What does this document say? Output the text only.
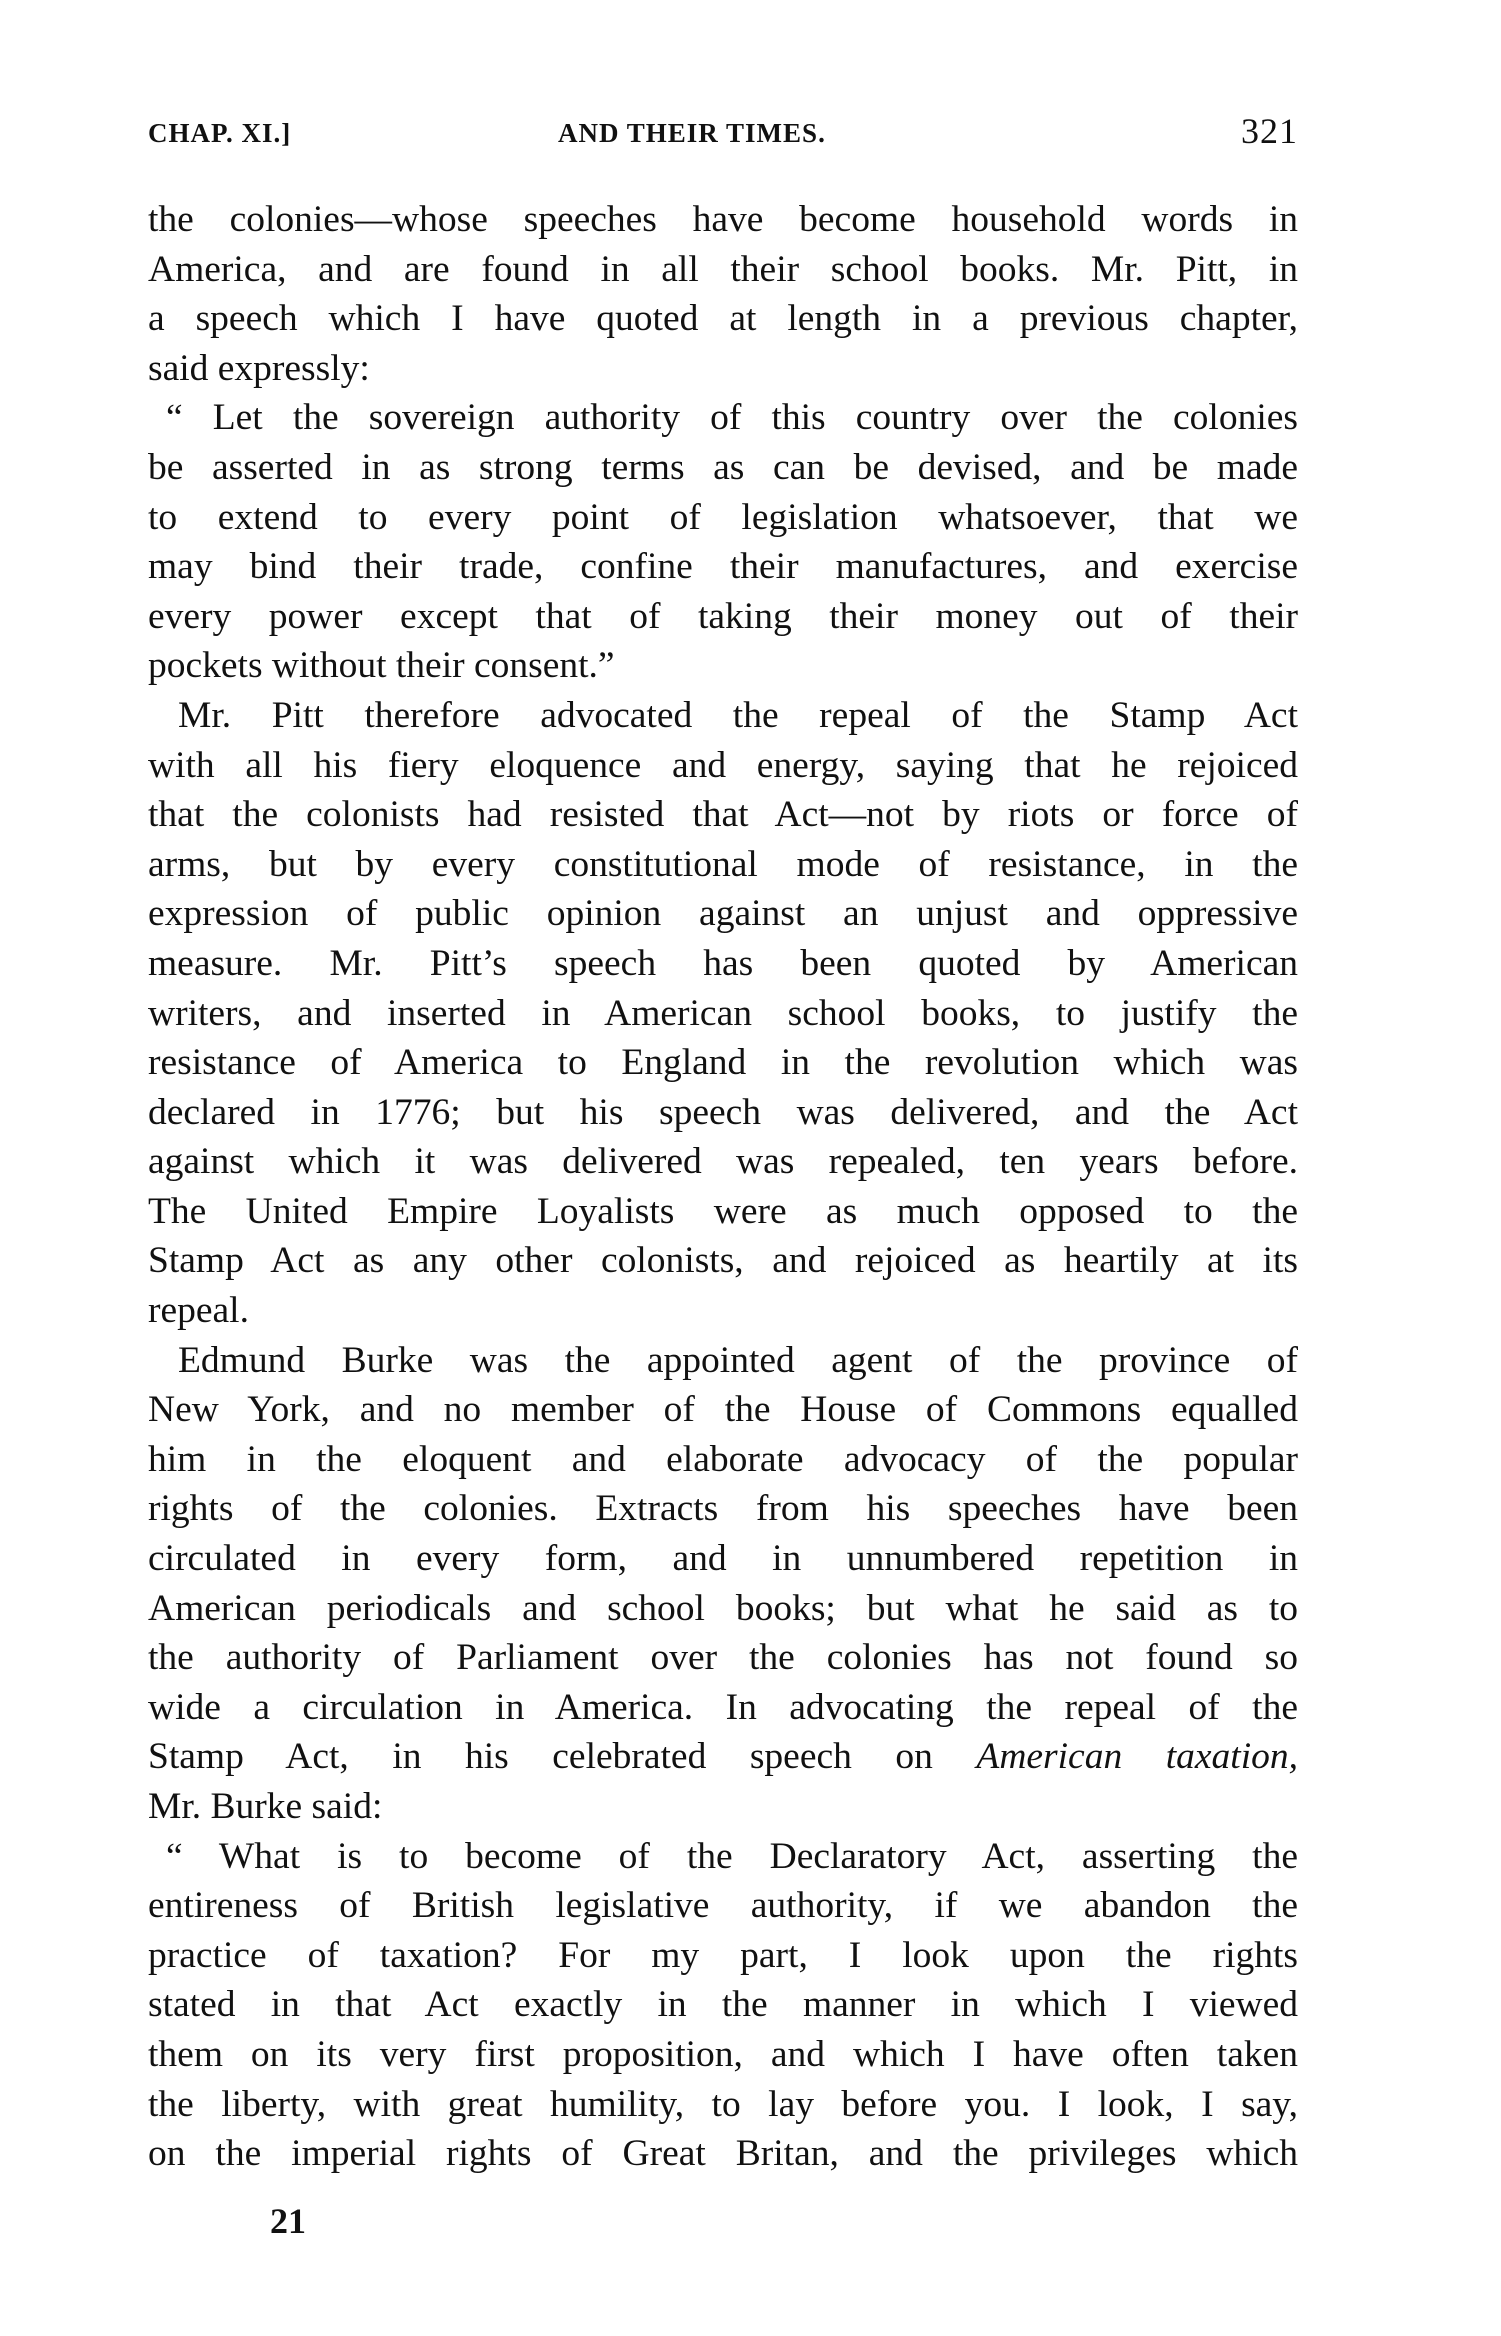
CHAP. XI.]	AND THEIR TIMES.	321
the colonies—whose speeches have become household words in
America, and are found in all their school books. Mr. Pitt, in
a speech which I have quoted at length in a previous chapter,
said expressly:
“ Let the sovereign authority of this country over the colonies
be asserted in as strong terms as can be devised, and be made
to extend to every point of legislation whatsoever, that we
may bind their trade, confine their manufactures, and exercise
every power except that of taking their money out of their
pockets without their consent.”
Mr. Pitt therefore advocated the repeal of the Stamp Act
with all his fiery eloquence and energy, saying that he rejoiced
that the colonists had resisted that Act—not by riots or force of
arms, but by every constitutional mode of resistance, in the
expression of public opinion against an unjust and oppressive
measure. Mr. Pitt’s speech has been quoted by American
writers, and inserted in American school books, to justify the
resistance of America to England in the revolution which was
declared in 1776; but his speech was delivered, and the Act
against which it was delivered was repealed, ten years before.
The United Empire Loyalists were as much opposed to the
Stamp Act as any other colonists, and rejoiced as heartily at its
repeal.
Edmund Burke was the appointed agent of the province of
New York, and no member of the House of Commons equalled
him in the eloquent and elaborate advocacy of the popular
rights of the colonies. Extracts from his speeches have been
circulated in every form, and in unnumbered repetition in
American periodicals and school books; but what he said as to
the authority of Parliament over the colonies has not found so
wide a circulation in America. In advocating the repeal of the
Stamp Act, in his celebrated speech on American taxation,
Mr. Burke said:
“ What is to become of the Declaratory Act, asserting the
entireness of British legislative authority, if we abandon the
practice of taxation? For my part, I look upon the rights
stated in that Act exactly in the manner in which I viewed
them on its very first proposition, and which I have often taken
the liberty, with great humility, to lay before you. I look, I say,
on the imperial rights of Great Britan, and the privileges which
21
